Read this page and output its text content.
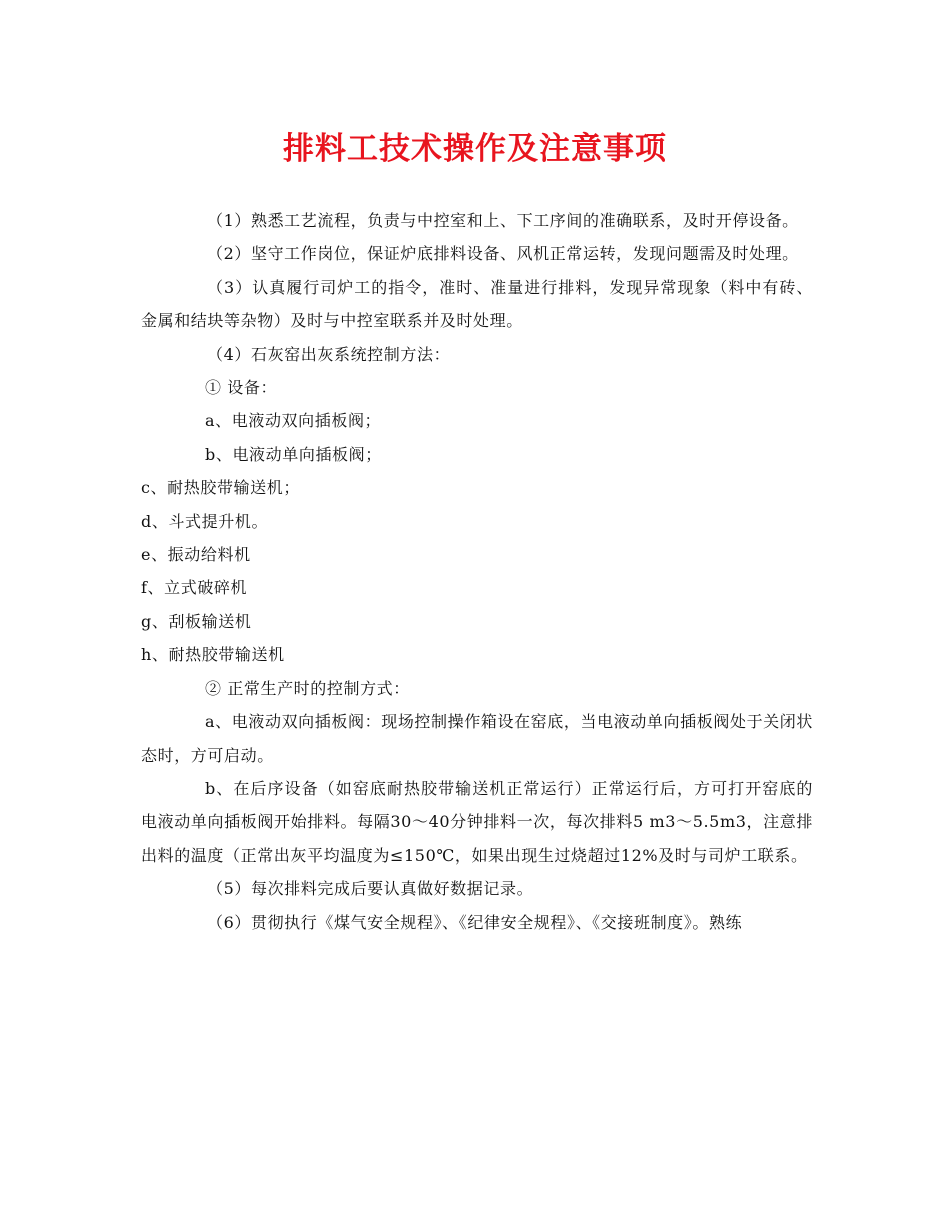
排料工技术操作及注意事项

（1）熟悉工艺流程，负责与中控室和上、下工序间的准确联系，及时开停设备。

（2）坚守工作岗位，保证炉底排料设备、风机正常运转，发现问题需及时处理。

（3）认真履行司炉工的指令，准时、准量进行排料，发现异常现象（料中有砖、金属和结块等杂物）及时与中控室联系并及时处理。

（4）石灰窑出灰系统控制方法：

① 设备：

a、电液动双向插板阀；

b、电液动单向插板阀；

c、耐热胶带输送机；

d、斗式提升机。

e、振动给料机

f、立式破碎机

g、刮板输送机

h、耐热胶带输送机

② 正常生产时的控制方式：

a、电液动双向插板阀：现场控制操作箱设在窑底，当电液动单向插板阀处于关闭状态时，方可启动。

b、在后序设备（如窑底耐热胶带输送机正常运行）正常运行后，方可打开窑底的电液动单向插板阀开始排料。每隔30～40分钟排料一次，每次排料5 m3～5.5m3，注意排出料的温度（正常出灰平均温度为≤150℃，如果出现生过烧超过12%及时与司炉工联系。

（5）每次排料完成后要认真做好数据记录。

（6）贯彻执行《煤气安全规程》、《纪律安全规程》、《交接班制度》。熟练
